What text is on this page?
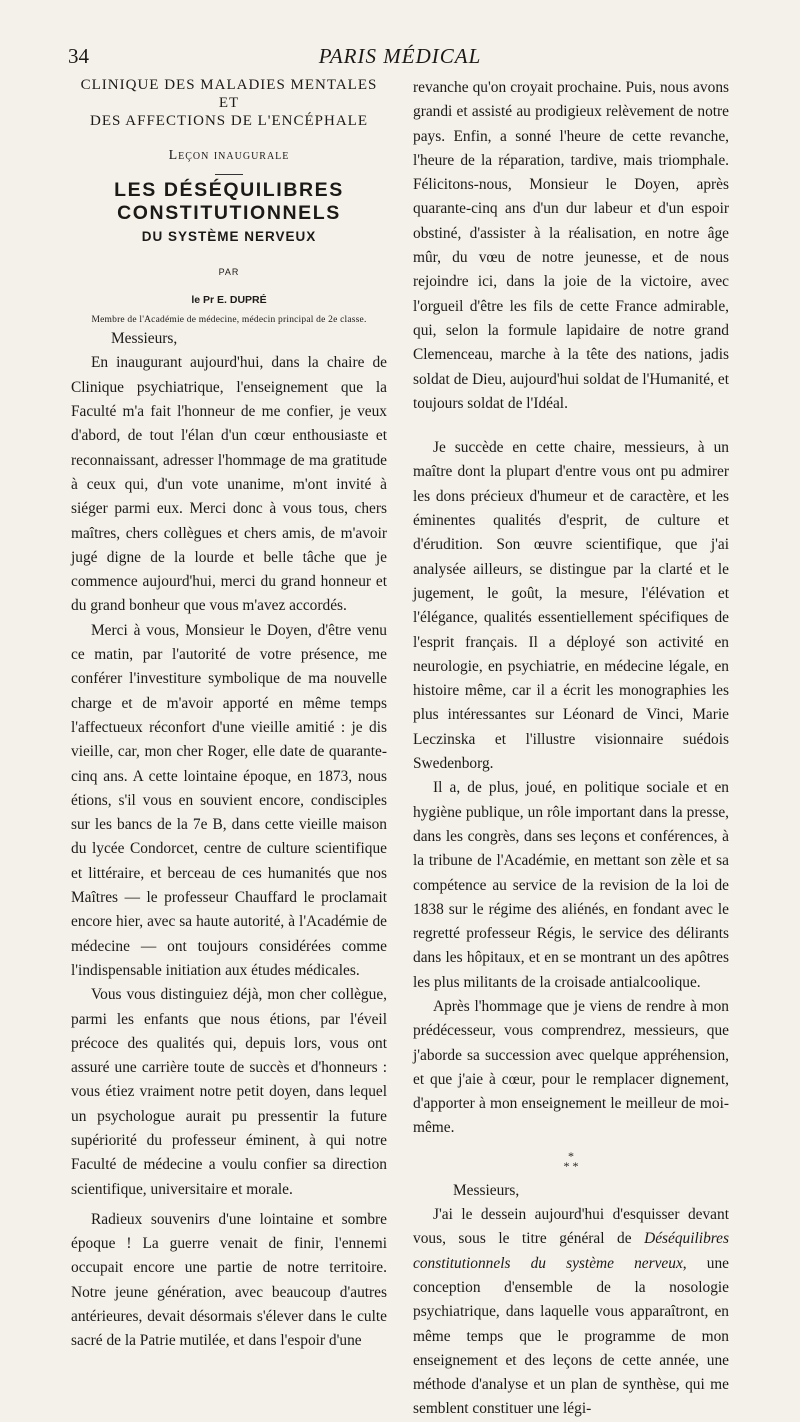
34	PARIS MÉDICAL
CLINIQUE DES MALADIES MENTALES
ET
DES AFFECTIONS DE L'ENCÉPHALE
Leçon inaugurale
LES DÉSÉQUILIBRES
CONSTITUTIONNELS
DU SYSTÈME NERVEUX
PAR
le Pr E. DUPRÉ
Membre de l'Académie de médecine, médecin principal de 2e classe.

Messieurs,

En inaugurant aujourd'hui, dans la chaire de Clinique psychiatrique, l'enseignement que la Faculté m'a fait l'honneur de me confier, je veux d'abord, de tout l'élan d'un cœur enthousiaste et reconnaissant, adresser l'hommage de ma gratitude à ceux qui, d'un vote unanime, m'ont invité à siéger parmi eux. Merci donc à vous tous, chers maîtres, chers collègues et chers amis, de m'avoir jugé digne de la lourde et belle tâche que je commence aujourd'hui, merci du grand honneur et du grand bonheur que vous m'avez accordés.

Merci à vous, Monsieur le Doyen, d'être venu ce matin, par l'autorité de votre présence, me conférer l'investiture symbolique de ma nouvelle charge et de m'avoir apporté en même temps l'affectueux réconfort d'une vieille amitié : je dis vieille, car, mon cher Roger, elle date de quarante-cinq ans. A cette lointaine époque, en 1873, nous étions, s'il vous en souvient encore, condisciples sur les bancs de la 7e B, dans cette vieille maison du lycée Condorcet, centre de culture scientifique et littéraire, et berceau de ces humanités que nos Maîtres — le professeur Chauffard le proclamait encore hier, avec sa haute autorité, à l'Académie de médecine — ont toujours considérées comme l'indispensable initiation aux études médicales.

Vous vous distinguiez déjà, mon cher collègue, parmi les enfants que nous étions, par l'éveil précoce des qualités qui, depuis lors, vous ont assuré une carrière toute de succès et d'honneurs : vous étiez vraiment notre petit doyen, dans lequel un psychologue aurait pu pressentir la future supériorité du professeur éminent, à qui notre Faculté de médecine a voulu confier sa direction scientifique, universitaire et morale.

Radieux souvenirs d'une lointaine et sombre époque ! La guerre venait de finir, l'ennemi occupait encore une partie de notre territoire. Notre jeune génération, avec beaucoup d'autres antérieures, devait désormais s'élever dans le culte sacré de la Patrie mutilée, et dans l'espoir d'une

revanche qu'on croyait prochaine. Puis, nous avons grandi et assisté au prodigieux relèvement de notre pays. Enfin, a sonné l'heure de cette revanche, l'heure de la réparation, tardive, mais triomphale. Félicitons-nous, Monsieur le Doyen, après quarante-cinq ans d'un dur labeur et d'un espoir obstiné, d'assister à la réalisation, en notre âge mûr, du vœu de notre jeunesse, et de nous rejoindre ici, dans la joie de la victoire, avec l'orgueil d'être les fils de cette France admirable, qui, selon la formule lapidaire de notre grand Clemenceau, marche à la tête des nations, jadis soldat de Dieu, aujourd'hui soldat de l'Humanité, et toujours soldat de l'Idéal.

Je succède en cette chaire, messieurs, à un maître dont la plupart d'entre vous ont pu admirer les dons précieux d'humeur et de caractère, et les éminentes qualités d'esprit, de culture et d'érudition. Son œuvre scientifique, que j'ai analysée ailleurs, se distingue par la clarté et le jugement, le goût, la mesure, l'élévation et l'élégance, qualités essentiellement spécifiques de l'esprit français. Il a déployé son activité en neurologie, en psychiatrie, en médecine légale, en histoire même, car il a écrit les monographies les plus intéressantes sur Léonard de Vinci, Marie Leczinska et l'illustre visionnaire suédois Swedenborg.

Il a, de plus, joué, en politique sociale et en hygiène publique, un rôle important dans la presse, dans les congrès, dans ses leçons et conférences, à la tribune de l'Académie, en mettant son zèle et sa compétence au service de la revision de la loi de 1838 sur le régime des aliénés, en fondant avec le regretté professeur Régis, le service des délirants dans les hôpitaux, et en se montrant un des apôtres les plus militants de la croisade antialcoolique.

Après l'hommage que je viens de rendre à mon prédécesseur, vous comprendrez, messieurs, que j'aborde sa succession avec quelque appréhension, et que j'aie à cœur, pour le remplacer dignement, d'apporter à mon enseignement le meilleur de moi-même.

*
* *

Messieurs,

J'ai le dessein aujourd'hui d'esquisser devant vous, sous le titre général de Déséquilibres constitutionnels du système nerveux, une conception d'ensemble de la nosologie psychiatrique, dans laquelle vous apparaîtront, en même temps que le programme de mon enseignement et des leçons de cette année, une méthode d'analyse et un plan de synthèse, qui me semblent constituer une légi-
